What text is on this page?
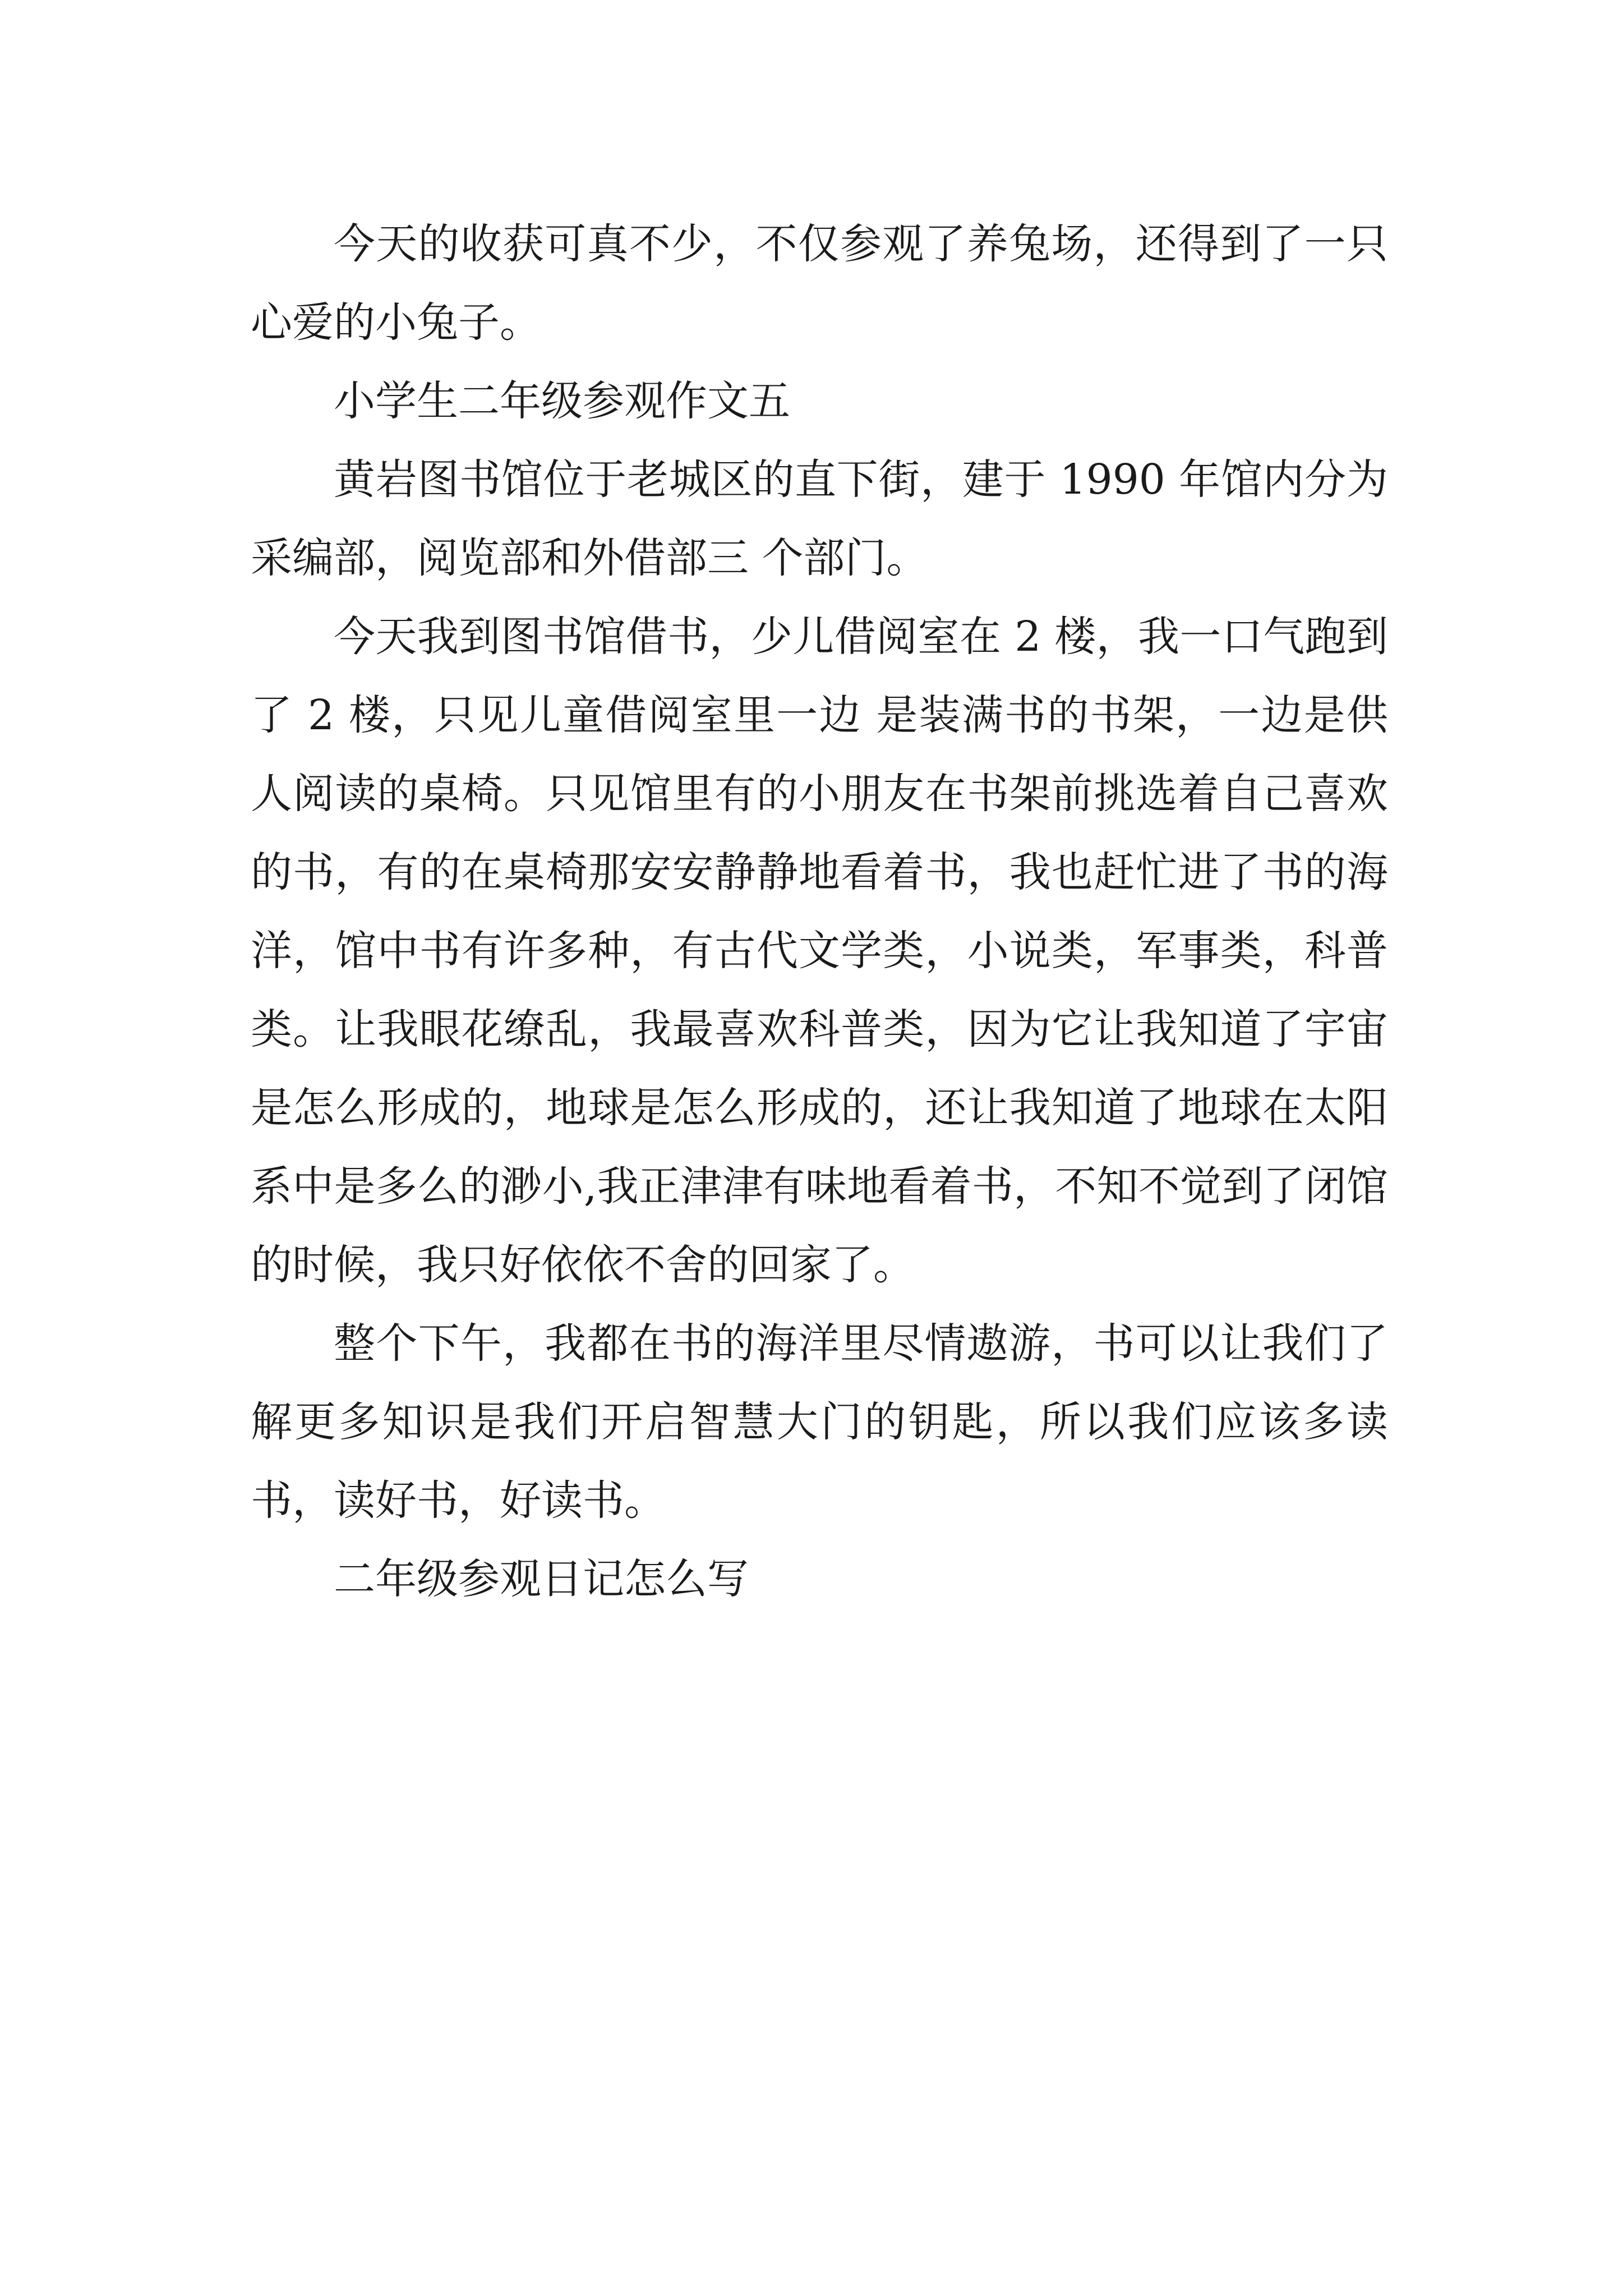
今天的收获可真不少，不仅参观了养兔场，还得到了一只心爱的小兔子。

小学生二年级参观作文五

黄岩图书馆位于老城区的直下街，建于 1990 年馆内分为采编部，阅览部和外借部三 个部门。

今天我到图书馆借书，少儿借阅室在 2 楼，我一口气跑到了 2 楼，只见儿童借阅室里一边 是装满书的书架，一边是供人阅读的桌椅。只见馆里有的小朋友在书架前挑选着自己喜欢的书，有的在桌椅那安安静静地看着书，我也赶忙进了书的海洋，馆中书有许多种，有古代文学类，小说类，军事类，科普类。让我眼花缭乱，我最喜欢科普类，因为它让我知道了宇宙是怎么形成的，地球是怎么形成的，还让我知道了地球在太阳系中是多么的渺小,我正津津有味地看着书，不知不觉到了闭馆的时候，我只好依依不舍的回家了。

整个下午，我都在书的海洋里尽情遨游，书可以让我们了解更多知识是我们开启智慧大门的钥匙，所以我们应该多读书，读好书，好读书。

二年级参观日记怎么写
